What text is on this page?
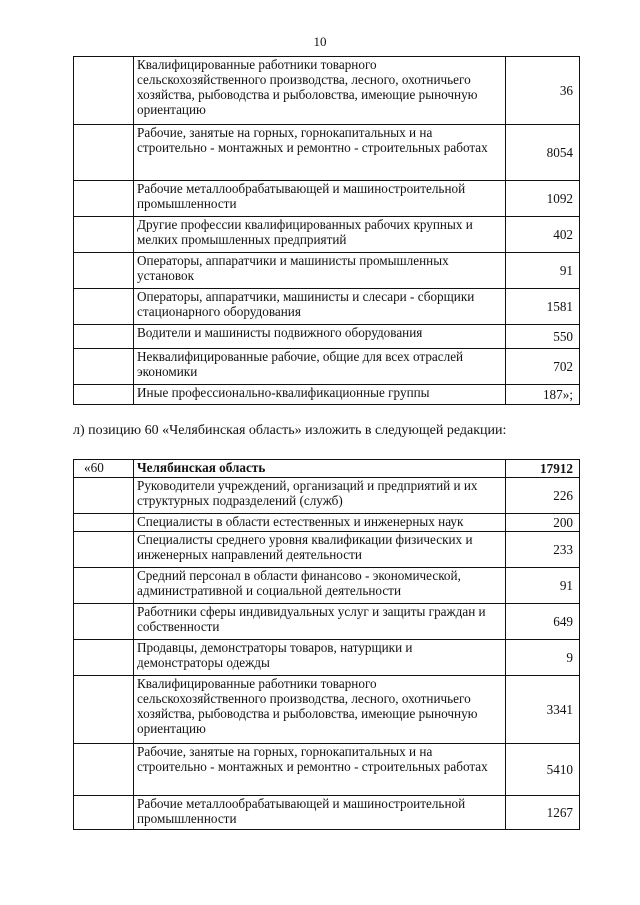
10
	Квалифицированные работники товарного сельскохозяйственного производства, лесного, охотничьего хозяйства, рыбоводства и рыболовства, имеющие рыночную ориентацию	36
	Рабочие, занятые на горных, горнокапитальных и на строительно - монтажных и ремонтно - строительных работах	8054
	Рабочие металлообрабатывающей и машиностроительной промышленности	1092
	Другие профессии квалифицированных рабочих крупных и мелких промышленных предприятий	402
	Операторы, аппаратчики и машинисты промышленных установок	91
	Операторы, аппаратчики, машинисты и слесари - сборщики стационарного оборудования	1581
	Водители и машинисты подвижного оборудования	550
	Неквалифицированные рабочие, общие для всех отраслей экономики	702
	Иные профессионально-квалификационные группы	187»;
л) позицию 60 «Челябинская область» изложить в следующей редакции:
«60	Челябинская область	17912
	Руководители учреждений, организаций и предприятий и их структурных подразделений (служб)	226
	Специалисты в области естественных и инженерных наук	200
	Специалисты среднего уровня квалификации физических и инженерных направлений деятельности	233
	Средний персонал в области финансово - экономической, административной и социальной деятельности	91
	Работники сферы индивидуальных услуг и защиты граждан и собственности	649
	Продавцы, демонстраторы товаров, натурщики и демонстраторы одежды	9
	Квалифицированные работники товарного сельскохозяйственного производства, лесного, охотничьего хозяйства, рыбоводства и рыболовства, имеющие рыночную ориентацию	3341
	Рабочие, занятые на горных, горнокапитальных и на строительно - монтажных и ремонтно - строительных работах	5410
	Рабочие металлообрабатывающей и машиностроительной промышленности	1267
